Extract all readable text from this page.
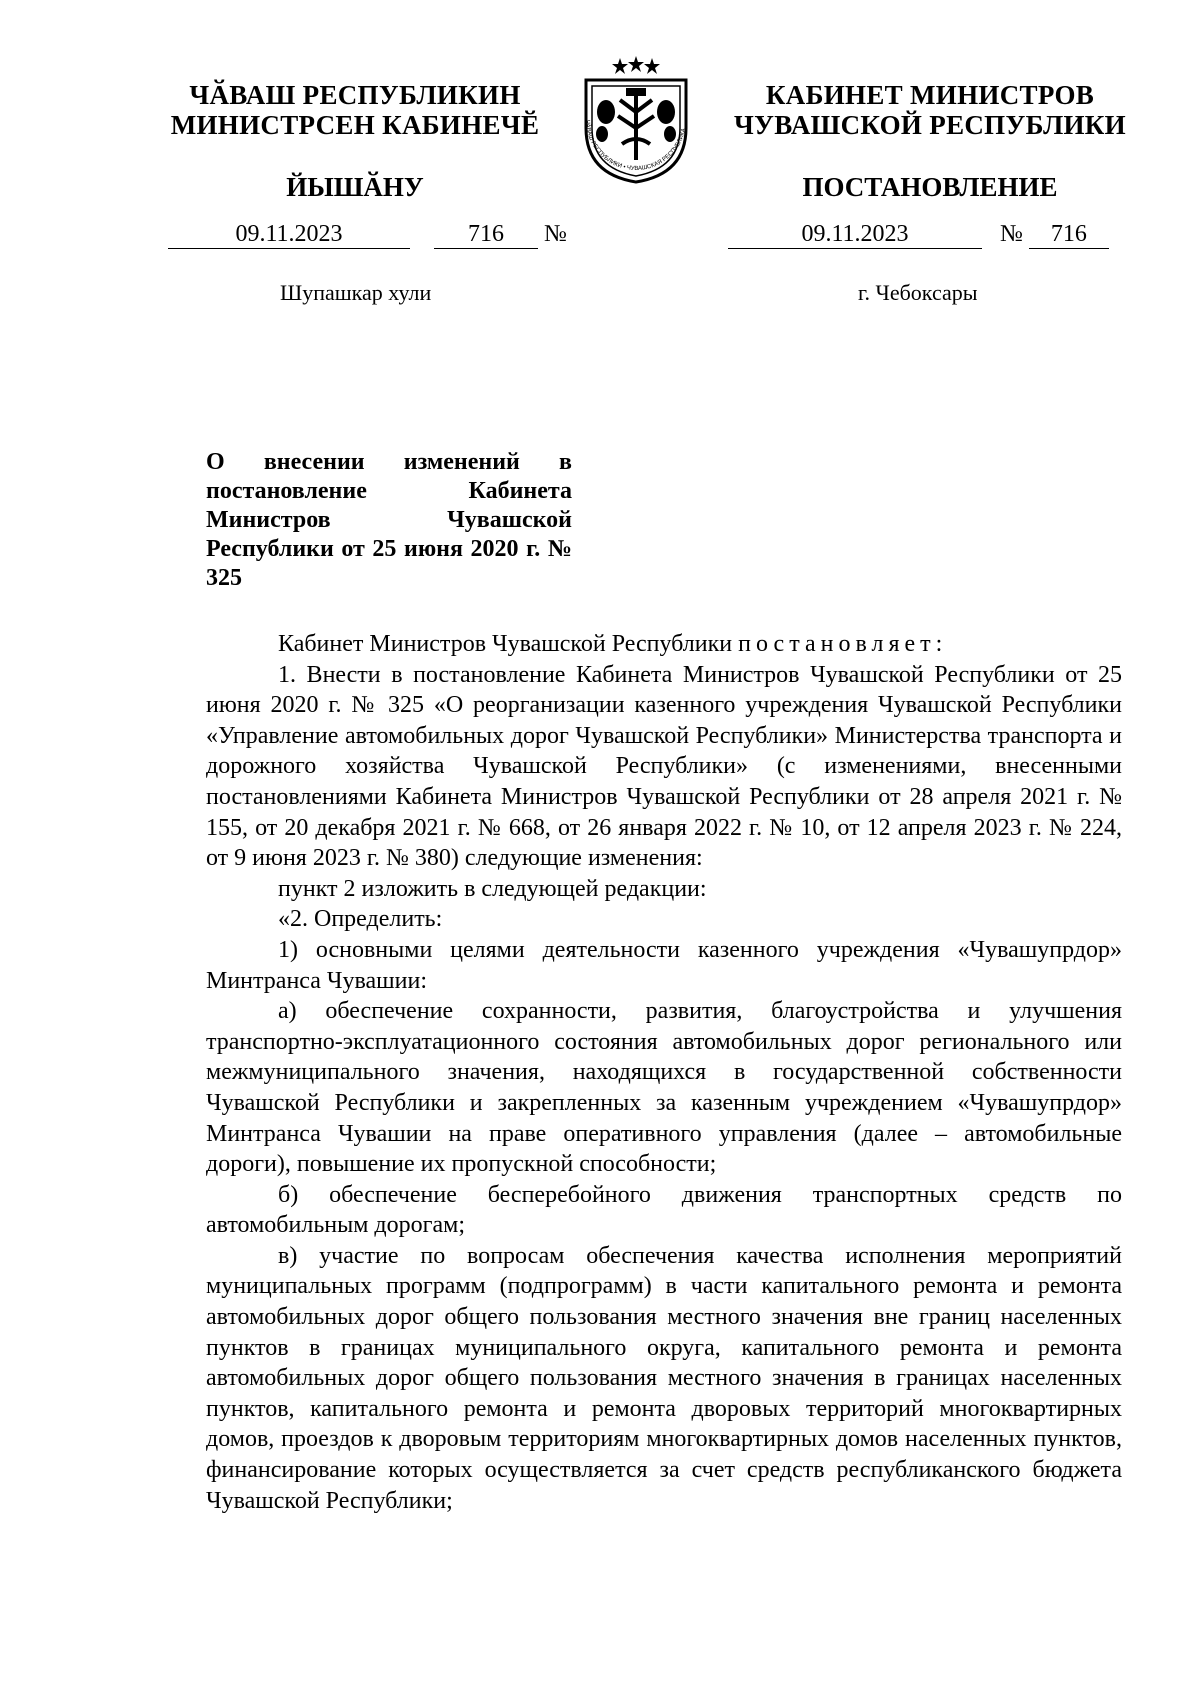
ЧӐВАШ РЕСПУБЛИКИН
МИНИСТРСЕН КАБИНЕЧӖ
ЙЫШӐНУ
ЧӐВАШ РЕСПУБЛИКИ • ЧУВАШСКАЯ РЕСПУБЛИКА
КАБИНЕТ МИНИСТРОВ
ЧУВАШСКОЙ РЕСПУБЛИКИ
ПОСТАНОВЛЕНИЕ
09.11.2023	716 №	09.11.2023	№ 716
Шупашкар хули	г. Чебоксары
О внесении изменений в постановление Кабинета Министров Чувашской Республики от 25 июня 2020 г. № 325

Кабинет Министров Чувашской Республики постановляет:

1. Внести в постановление Кабинета Министров Чувашской Республики от 25 июня 2020 г. № 325 «О реорганизации казенного учреждения Чувашской Республики «Управление автомобильных дорог Чувашской Республики» Министерства транспорта и дорожного хозяйства Чувашской Республики» (с изменениями, внесенными постановлениями Кабинета Министров Чувашской Республики от 28 апреля 2021 г. № 155, от 20 декабря 2021 г. № 668, от 26 января 2022 г. № 10, от 12 апреля 2023 г. № 224, от 9 июня 2023 г. № 380) следующие изменения:

пункт 2 изложить в следующей редакции:

«2. Определить:

1) основными целями деятельности казенного учреждения «Чувашупрдор» Минтранса Чувашии:

а) обеспечение сохранности, развития, благоустройства и улучшения транспортно-эксплуатационного состояния автомобильных дорог регионального или межмуниципального значения, находящихся в государственной собственности Чувашской Республики и закрепленных за казенным учреждением «Чувашупрдор» Минтранса Чувашии на праве оперативного управления (далее – автомобильные дороги), повышение их пропускной способности;

б) обеспечение бесперебойного движения транспортных средств по автомобильным дорогам;

в) участие по вопросам обеспечения качества исполнения мероприятий муниципальных программ (подпрограмм) в части капитального ремонта и ремонта автомобильных дорог общего пользования местного значения вне границ населенных пунктов в границах муниципального округа, капитального ремонта и ремонта автомобильных дорог общего пользования местного значения в границах населенных пунктов, капитального ремонта и ремонта дворовых территорий многоквартирных домов, проездов к дворовым территориям многоквартирных домов населенных пунктов, финансирование которых осуществляется за счет средств республиканского бюджета Чувашской Республики;
